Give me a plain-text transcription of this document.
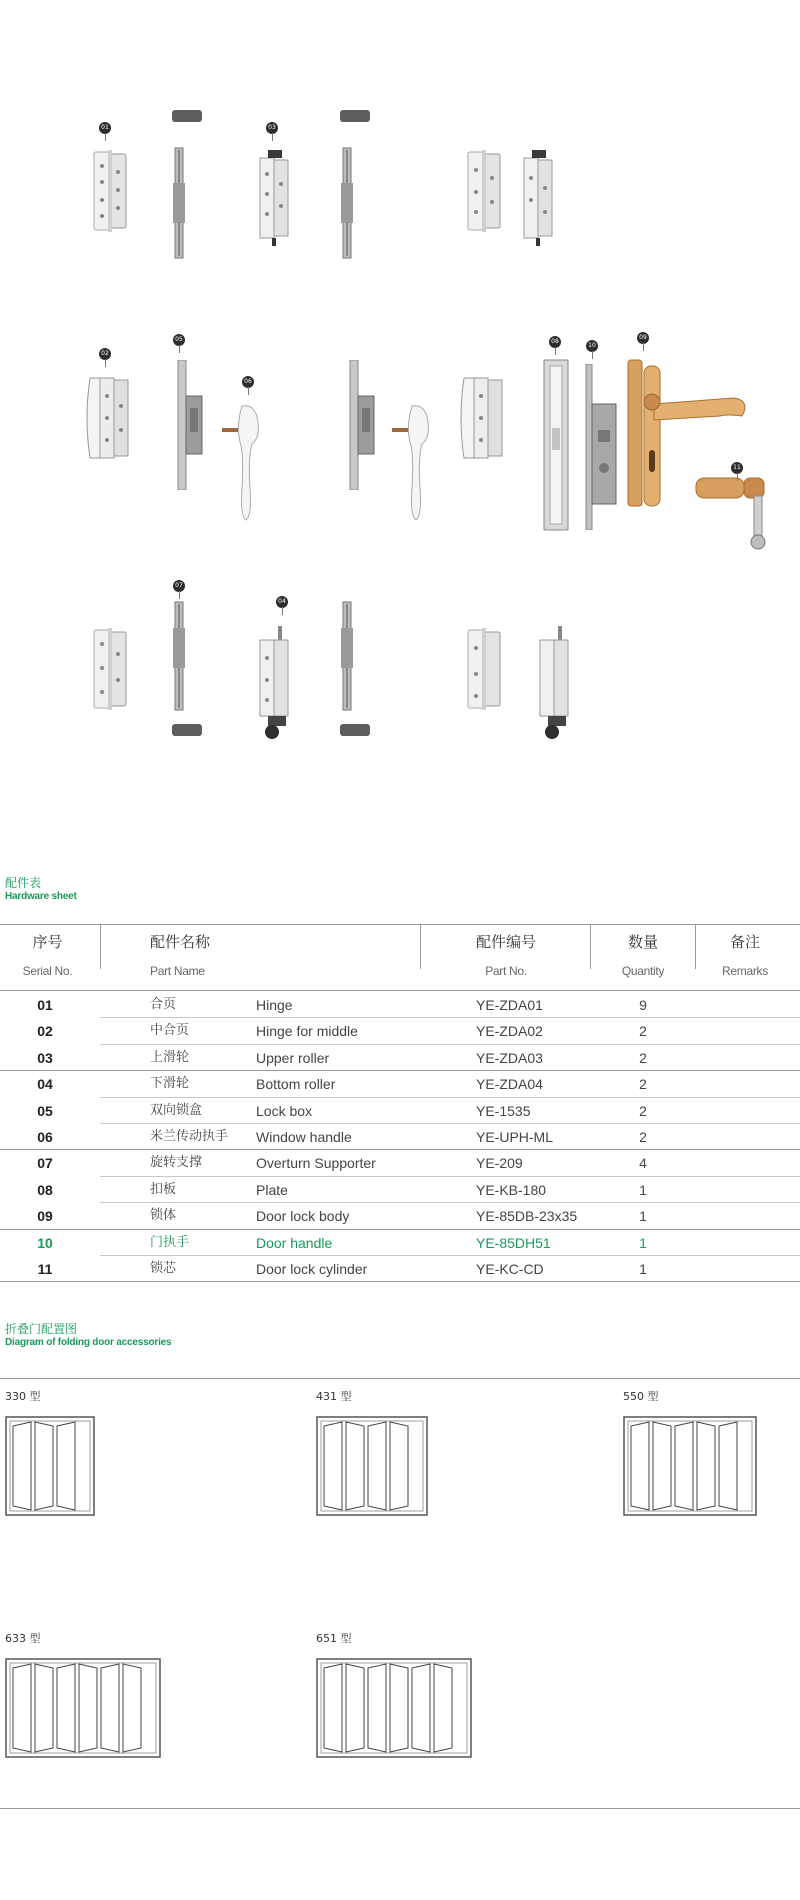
01	03
02
05
06
08
10
09
11
07
04
配件表
Hardware sheet
序号
Serial No.
配件名称
Part Name
配件编号
Part No.
数量
Quantity
备注
Remarks
01	合页	Hinge	YE-ZDA01	9
02	中合页	Hinge for middle	YE-ZDA02	2
03	上滑轮	Upper roller	YE-ZDA03	2
04	下滑轮	Bottom roller	YE-ZDA04	2
05	双向锁盒	Lock box	YE-1535	2
06	米兰传动执手 Window handle	YE-UPH-ML	2
07	旋转支撑	Overturn Supporter	YE-209	4
08	扣板	Plate	YE-KB-180	1
09	锁体	Door lock body	YE-85DB-23x35	1
10	门执手	Door handle	YE-85DH51	1
11	锁芯	Door lock cylinder	YE-KC-CD	1
折叠门配置图
Diagram of folding door accessories
330 型	431 型	550 型
633 型	651 型
